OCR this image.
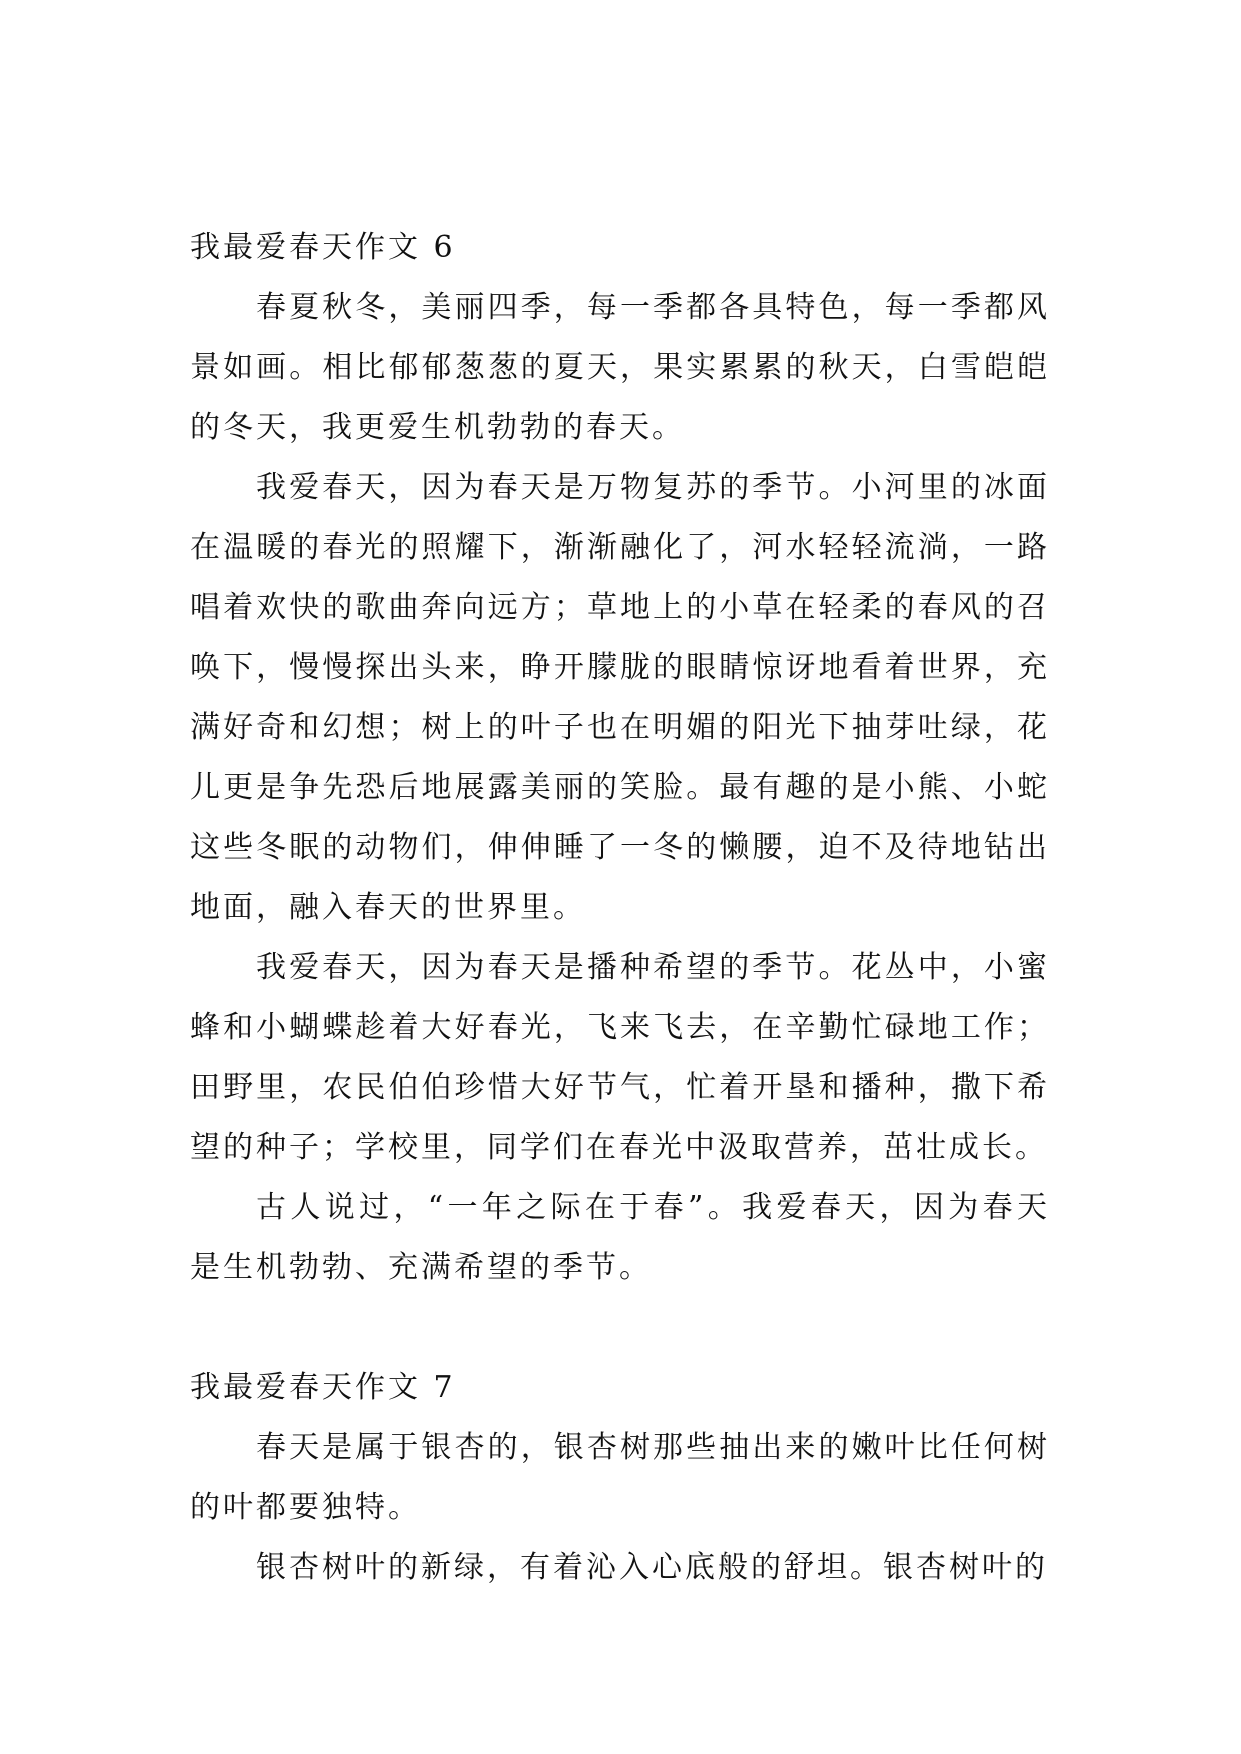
我最爱春天作文 6

春夏秋冬，美丽四季，每一季都各具特色，每一季都风景如画。相比郁郁葱葱的夏天，果实累累的秋天，白雪皑皑的冬天，我更爱生机勃勃的春天。

我爱春天，因为春天是万物复苏的季节。小河里的冰面在温暖的春光的照耀下，渐渐融化了，河水轻轻流淌，一路唱着欢快的歌曲奔向远方；草地上的小草在轻柔的春风的召唤下，慢慢探出头来，睁开朦胧的眼睛惊讶地看着世界，充满好奇和幻想；树上的叶子也在明媚的阳光下抽芽吐绿，花儿更是争先恐后地展露美丽的笑脸。最有趣的是小熊、小蛇这些冬眠的动物们，伸伸睡了一冬的懒腰，迫不及待地钻出地面，融入春天的世界里。

我爱春天，因为春天是播种希望的季节。花丛中，小蜜蜂和小蝴蝶趁着大好春光，飞来飞去，在辛勤忙碌地工作；田野里，农民伯伯珍惜大好节气，忙着开垦和播种，撒下希望的种子；学校里，同学们在春光中汲取营养，茁壮成长。

古人说过，“一年之际在于春”。我爱春天，因为春天是生机勃勃、充满希望的季节。

我最爱春天作文 7

春天是属于银杏的，银杏树那些抽出来的嫩叶比任何树的叶都要独特。

银杏树叶的新绿，有着沁入心底般的舒坦。银杏树叶的
